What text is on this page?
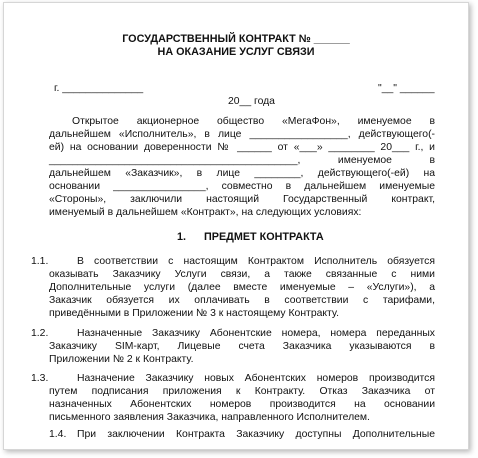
ГОСУДАРСТВЕННЫЙ КОНТРАКТ № ______
НА ОКАЗАНИЕ УСЛУГ СВЯЗИ
г. ______________	"__" ______
20__ года
Открытое акционерное общество «МегаФон», именуемое в
дальнейшем «Исполнитель», в лице _________________, действующего(-
ей) на основании доверенности № ______ от «___» ________ 20___ г., и
___________________________________________, именуемое в
дальнейшем «Заказчик», в лице ________, действующего(-ей) на
основании ________________, совместно в дальнейшем именуемые
«Стороны», заключили настоящий Государственный контракт,
именуемый в дальнейшем «Контракт», на следующих условиях:
1. ПРЕДМЕТ КОНТРАКТА
1.1.	В соответствии с настоящим Контрактом Исполнитель обязуется
оказывать Заказчику Услуги связи, а также связанные с ними
Дополнительные услуги (далее вместе именуемые – «Услуги»), а
Заказчик обязуется их оплачивать в соответствии с тарифами,
приведёнными в Приложении № 3 к настоящему Контракту.
1.2.	Назначенные Заказчику Абонентские номера, номера переданных
Заказчику SIM-карт, Лицевые счета Заказчика указываются в
Приложении № 2 к Контракту.
1.3.	Назначение Заказчику новых Абонентских номеров производится
путем подписания приложения к Контракту. Отказ Заказчика от
назначенных Абонентских номеров производится на основании
письменного заявления Заказчика, направленного Исполнителем.
1.4. При заключении Контракта Заказчику доступны Дополнительные
